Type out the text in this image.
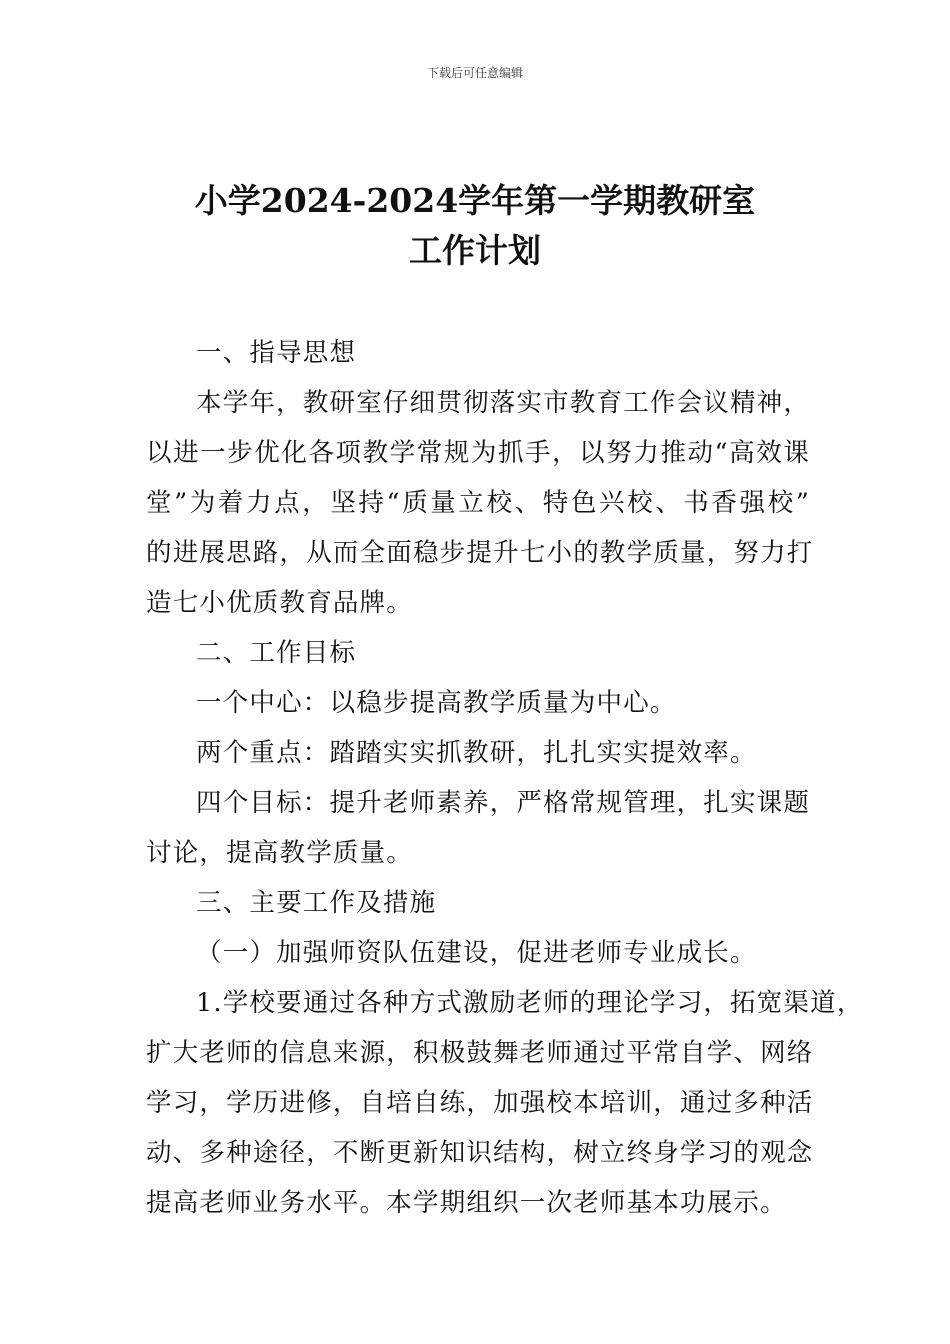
下载后可任意编辑
小学2024-2024学年第一学期教研室
工作计划
一、指导思想
本学年，教研室仔细贯彻落实市教育工作会议精神，
以进一步优化各项教学常规为抓手，以努力推动“高效课
堂”为着力点，坚持“质量立校、特色兴校、书香强校”
的进展思路，从而全面稳步提升七小的教学质量，努力打
造七小优质教育品牌。
二、工作目标
一个中心：以稳步提高教学质量为中心。
两个重点：踏踏实实抓教研，扎扎实实提效率。
四个目标：提升老师素养，严格常规管理，扎实课题
讨论，提高教学质量。
三、主要工作及措施
（一）加强师资队伍建设，促进老师专业成长。
1.学校要通过各种方式激励老师的理论学习，拓宽渠道，
扩大老师的信息来源，积极鼓舞老师通过平常自学、网络
学习，学历进修，自培自练，加强校本培训，通过多种活
动、多种途径，不断更新知识结构，树立终身学习的观念
提高老师业务水平。本学期组织一次老师基本功展示。
